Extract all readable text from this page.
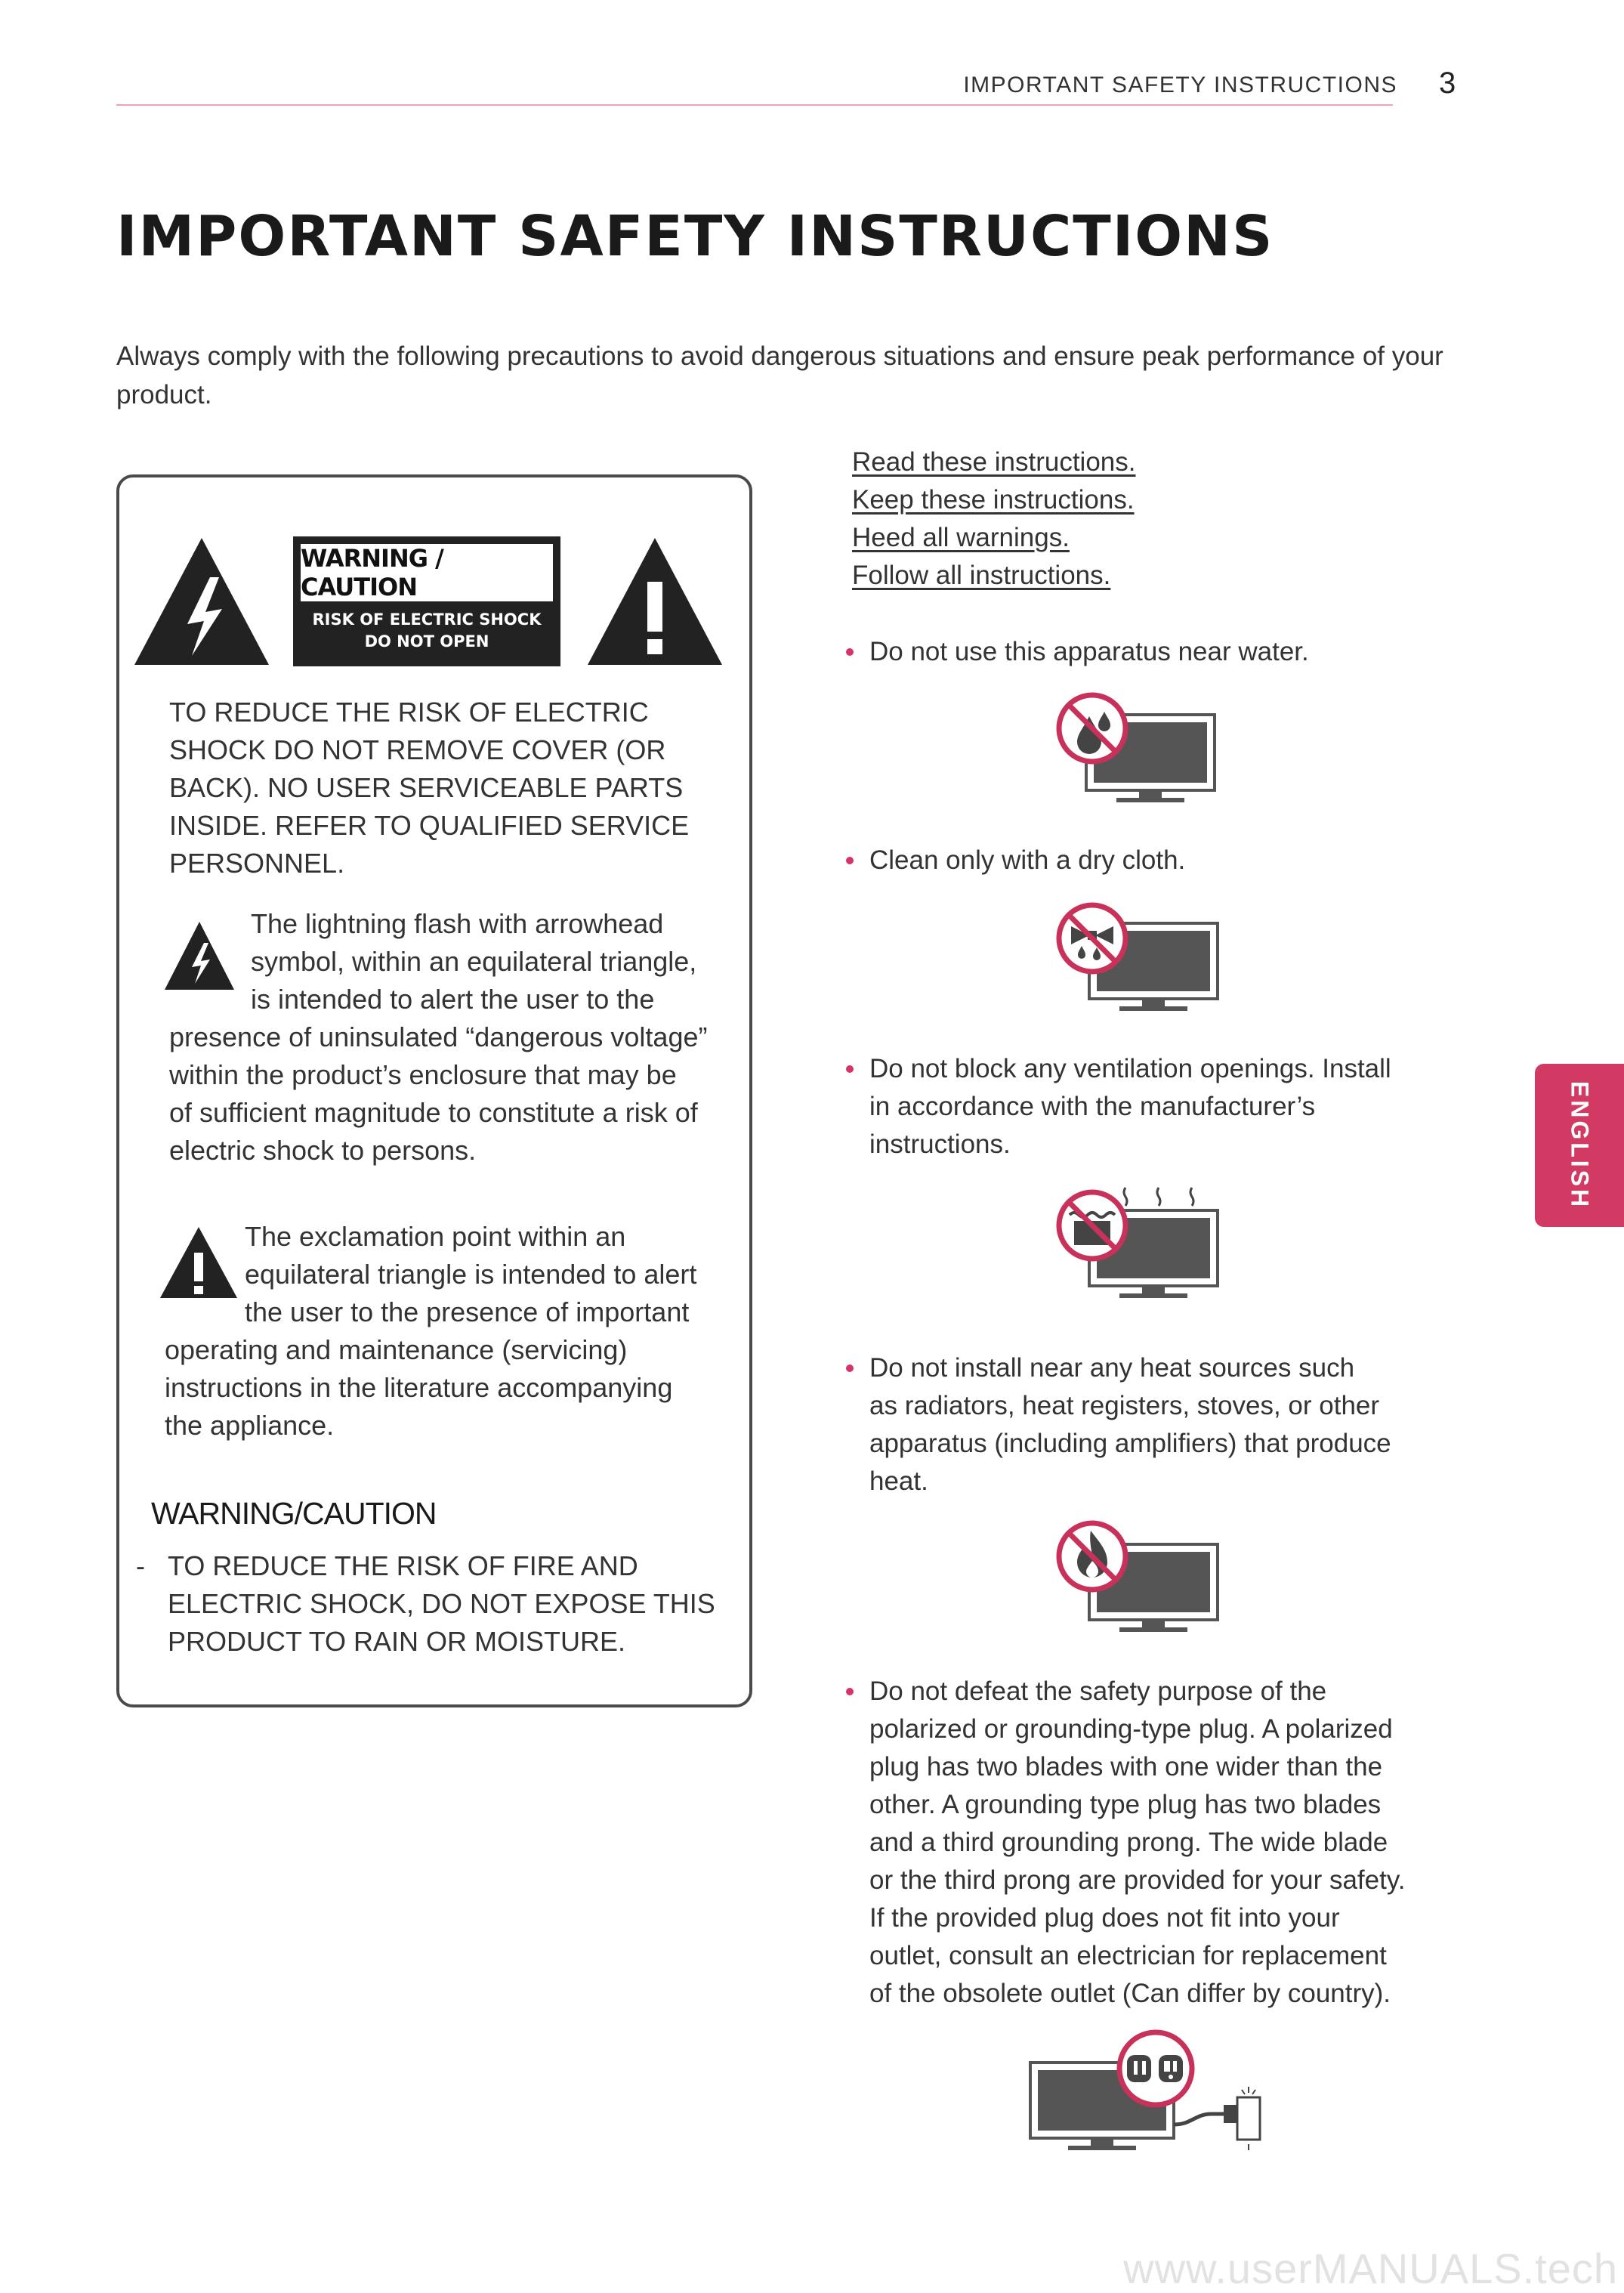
IMPORTANT SAFETY INSTRUCTIONS 3
IMPORTANT SAFETY INSTRUCTIONS
Always comply with the following precautions to avoid dangerous situations and ensure peak performance of your product.
WARNING / CAUTION
RISK OF ELECTRIC SHOCK
DO NOT OPEN
TO REDUCE THE RISK OF ELECTRIC
SHOCK DO NOT REMOVE COVER (OR
BACK). NO USER SERVICEABLE PARTS
INSIDE. REFER TO QUALIFIED SERVICE
PERSONNEL.
The lightning flash with arrowhead
symbol, within an equilateral triangle,
is intended to alert the user to the
presence of uninsulated “dangerous voltage”
within the product’s enclosure that may be
of sufficient magnitude to constitute a risk of
electric shock to persons.
The exclamation point within an
equilateral triangle is intended to alert
the user to the presence of important
operating and maintenance (servicing)
instructions in the literature accompanying
the appliance.
WARNING/CAUTION
- TO REDUCE THE RISK OF FIRE AND
ELECTRIC SHOCK, DO NOT EXPOSE THIS
PRODUCT TO RAIN OR MOISTURE.
Read these instructions.
Keep these instructions.
Heed all warnings.
Follow all instructions.
Do not use this apparatus near water.
Clean only with a dry cloth.
Do not block any ventilation openings. Install
in accordance with the manufacturer’s
instructions.
Do not install near any heat sources such
as radiators, heat registers, stoves, or other
apparatus (including amplifiers) that produce
heat.
Do not defeat the safety purpose of the
polarized or grounding-type plug. A polarized
plug has two blades with one wider than the
other. A grounding type plug has two blades
and a third grounding prong. The wide blade
or the third prong are provided for your safety.
If the provided plug does not fit into your
outlet, consult an electrician for replacement
of the obsolete outlet (Can differ by country).
ENGLISH
www.userMANUALS.tech
